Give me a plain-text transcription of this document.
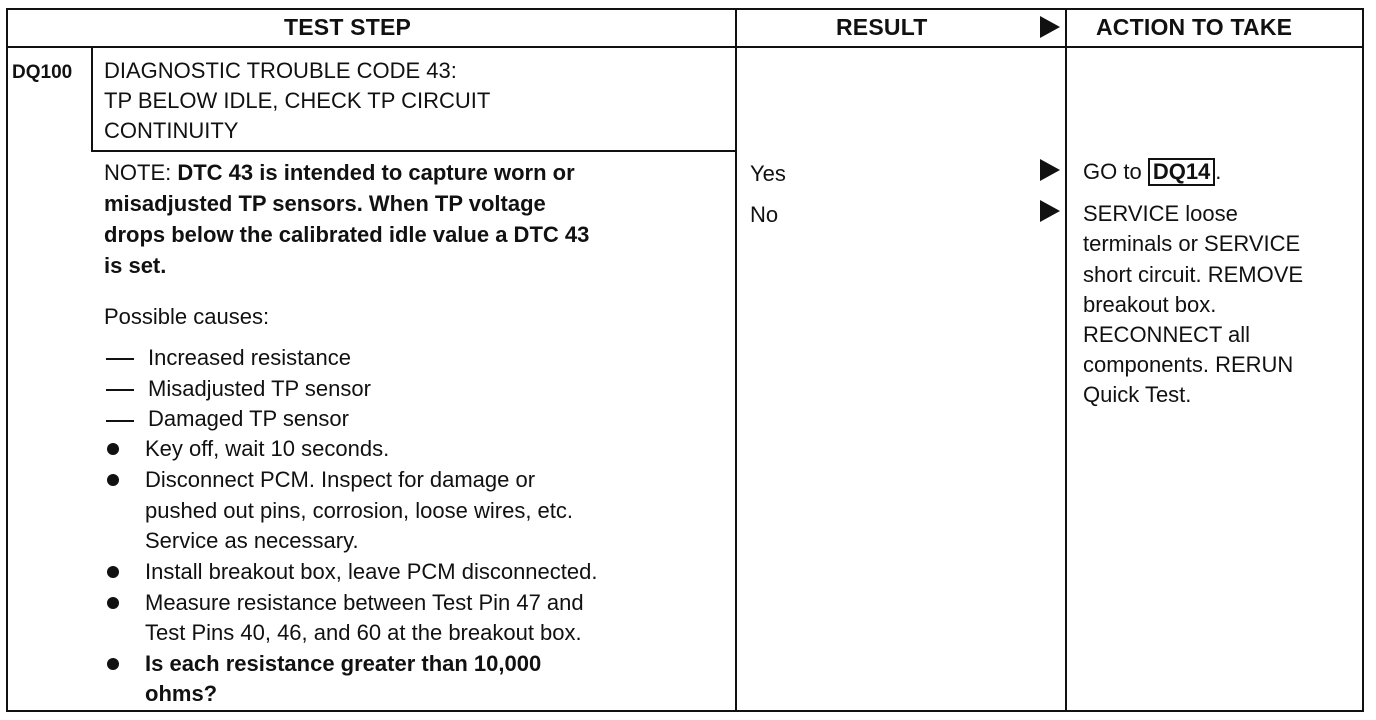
TEST STEP	RESULT	ACTION TO TAKE
DQ100 DIAGNOSTIC TROUBLE CODE 43:
TP BELOW IDLE, CHECK TP CIRCUIT
CONTINUITY
NOTE: DTC 43 is intended to capture worn or
misadjusted TP sensors. When TP voltage
drops below the calibrated idle value a DTC 43
is set.
Possible causes:
Increased resistance
Misadjusted TP sensor
Damaged TP sensor
Key off, wait 10 seconds.
Disconnect PCM. Inspect for damage or
pushed out pins, corrosion, loose wires, etc.
Service as necessary.
Install breakout box, leave PCM disconnected.
Measure resistance between Test Pin 47 and
Test Pins 40, 46, and 60 at the breakout box.
Is each resistance greater than 10,000
ohms?
Yes
No
GO to DQ14 .
SERVICE loose
terminals or SERVICE
short circuit. REMOVE
breakout box.
RECONNECT all
components. RERUN
Quick Test.
